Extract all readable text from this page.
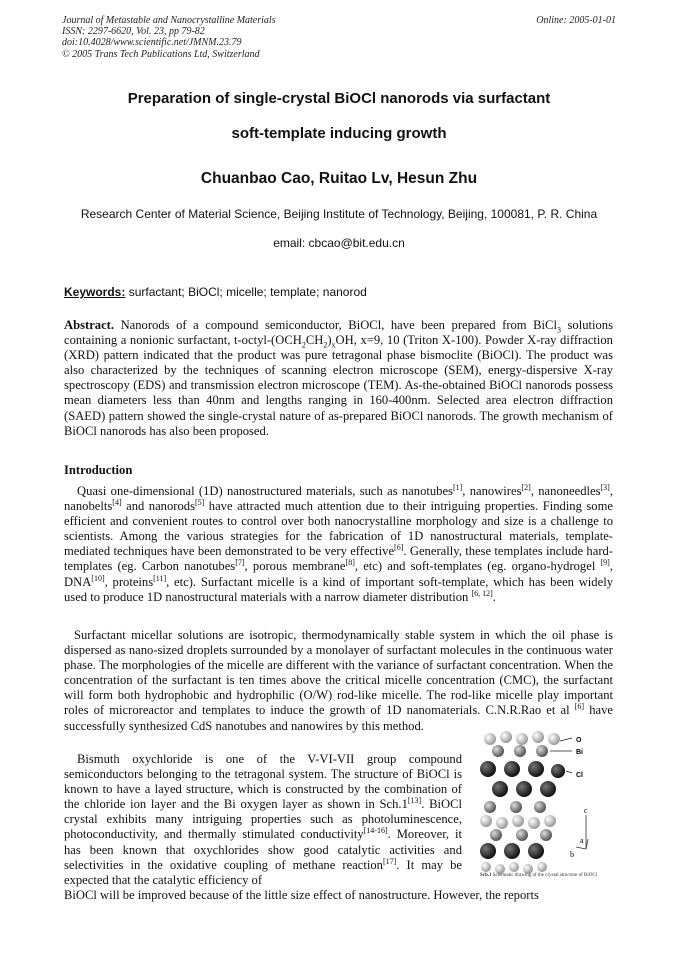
Journal of Metastable and Nanocrystalline Materials
ISSN: 2297-6620, Vol. 23, pp 79-82
doi:10.4028/www.scientific.net/JMNM.23.79
© 2005 Trans Tech Publications Ltd, Switzerland
Online: 2005-01-01
Preparation of single-crystal BiOCl nanorods via surfactant
soft-template inducing growth
Chuanbao Cao, Ruitao Lv, Hesun Zhu
Research Center of Material Science, Beijing Institute of Technology, Beijing, 100081, P. R. China
email: cbcao@bit.edu.cn
Keywords: surfactant; BiOCl; micelle; template; nanorod

Abstract. Nanorods of a compound semiconductor, BiOCl, have been prepared from BiCl$_3$ solutions containing a nonionic surfactant, $t-octyl-(OCH_2CH_2)_xOH$, x=9, 10 (Triton X-100). Powder X-ray diffraction (XRD) pattern indicated that the product was pure tetragonal phase bismoclite (BiOCl). The product was also characterized by the techniques of scanning electron microscope (SEM), energy-dispersive X-ray spectroscopy (EDS) and transmission electron microscope (TEM). As-the-obtained BiOCl nanorods possess mean diameters less than 40nm and lengths ranging in 160-400nm. Selected area electron diffraction (SAED) pattern showed the single-crystal nature of as-prepared BiOCl nanorods. The growth mechanism of BiOCl nanorods has also been proposed.

Introduction

Quasi one-dimensional (1D) nanostructured materials, such as nanotubes[1], nanowires[2], nanoneedles[3], nanobelts[4] and nanorods[5] have attracted much attention due to their intriguing properties. Finding some efficient and convenient routes to control over both nanocrystalline morphology and size is a challenge to scientists. Among the various strategies for the fabrication of 1D nanostructural materials, template-mediated techniques have been demonstrated to be very effective[6]. Generally, these templates include hard-templates (eg. Carbon nanotubes[7], porous membrane[8], etc) and soft-templates (eg. organo-hydrogel [9], DNA[10], proteins[11], etc). Surfactant micelle is a kind of important soft-template, which has been widely used to produce 1D nanostructural materials with a narrow diameter distribution [6, 12].

Surfactant micellar solutions are isotropic, thermodynamically stable system in which the oil phase is dispersed as nano-sized droplets surrounded by a monolayer of surfactant molecules in the continuous water phase. The morphologies of the micelle are different with the variance of surfactant concentration. When the concentration of the surfactant is ten times above the critical micelle concentration (CMC), the surfactant will form both hydrophobic and hydrophilic (O/W) rod-like micelle. The rod-like micelle play important roles of microreactor and templates to induce the growth of 1D nanomaterials. C.N.R.Rao et al [6] have successfully synthesized CdS nanotubes and nanowires by this method.

Bismuth oxychloride is one of the V-VI-VII group compound semiconductors belonging to the tetragonal system. The structure of BiOCl is known to have a layed structure, which is constructed by the combination of the chloride ion layer and the Bi oxygen layer as shown in Sch.1[13]. BiOCl crystal exhibits many intriguing properties such as photoluminescence, photoconductivity, and thermally stimulated conductivity[14-16]. Moreover, it has been known that oxychlorides show good catalytic activities and selectivities in the oxidative coupling of methane reaction[17]. It may be expected that the catalytic efficiency of

BiOCl will be improved because of the little size effect of nanostructure. However, the reports

O
Bi
Cl
c
a
b
Sch.1 Schematic drawing of the crystal structure of BiOCl
